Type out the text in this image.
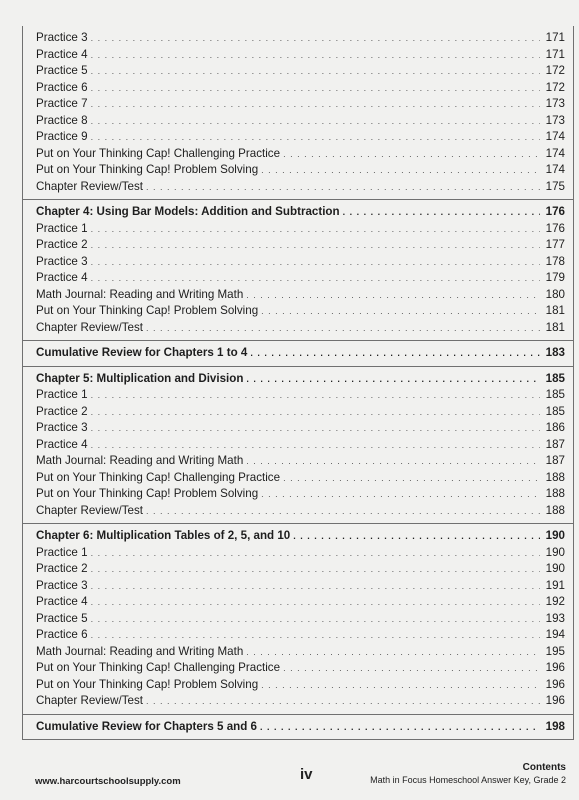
Practice 3 . . .	171
Practice 4 . . .	171
Practice 5 . . .	172
Practice 6 . . .	172
Practice 7 . . .	173
Practice 8 . . .	173
Practice 9 . . .	174
Put on Your Thinking Cap! Challenging Practice . . .	174
Put on Your Thinking Cap! Problem Solving . . .	174
Chapter Review/Test . . .	175
Chapter 4: Using Bar Models: Addition and Subtraction . . .	176
Practice 1 . . .	176
Practice 2 . . .	177
Practice 3 . . .	178
Practice 4 . . .	179
Math Journal: Reading and Writing Math . . .	180
Put on Your Thinking Cap! Problem Solving . . .	181
Chapter Review/Test . . .	181
Cumulative Review for Chapters 1 to 4 . . .	183
Chapter 5: Multiplication and Division . . .	185
Practice 1 . . .	185
Practice 2 . . .	185
Practice 3 . . .	186
Practice 4 . . .	187
Math Journal: Reading and Writing Math . . .	187
Put on Your Thinking Cap! Challenging Practice . . .	188
Put on Your Thinking Cap! Problem Solving . . .	188
Chapter Review/Test . . .	188
Chapter 6: Multiplication Tables of 2, 5, and 10 . . .	190
Practice 1 . . .	190
Practice 2 . . .	190
Practice 3 . . .	191
Practice 4 . . .	192
Practice 5 . . .	193
Practice 6 . . .	194
Math Journal: Reading and Writing Math . . .	195
Put on Your Thinking Cap! Challenging Practice . . .	196
Put on Your Thinking Cap! Problem Solving . . .	196
Chapter Review/Test . . .	196
Cumulative Review for Chapters 5 and 6 . . .	198
www.harcourtschoolsupply.com	iv	Contents
Math in Focus Homeschool Answer Key, Grade 2
